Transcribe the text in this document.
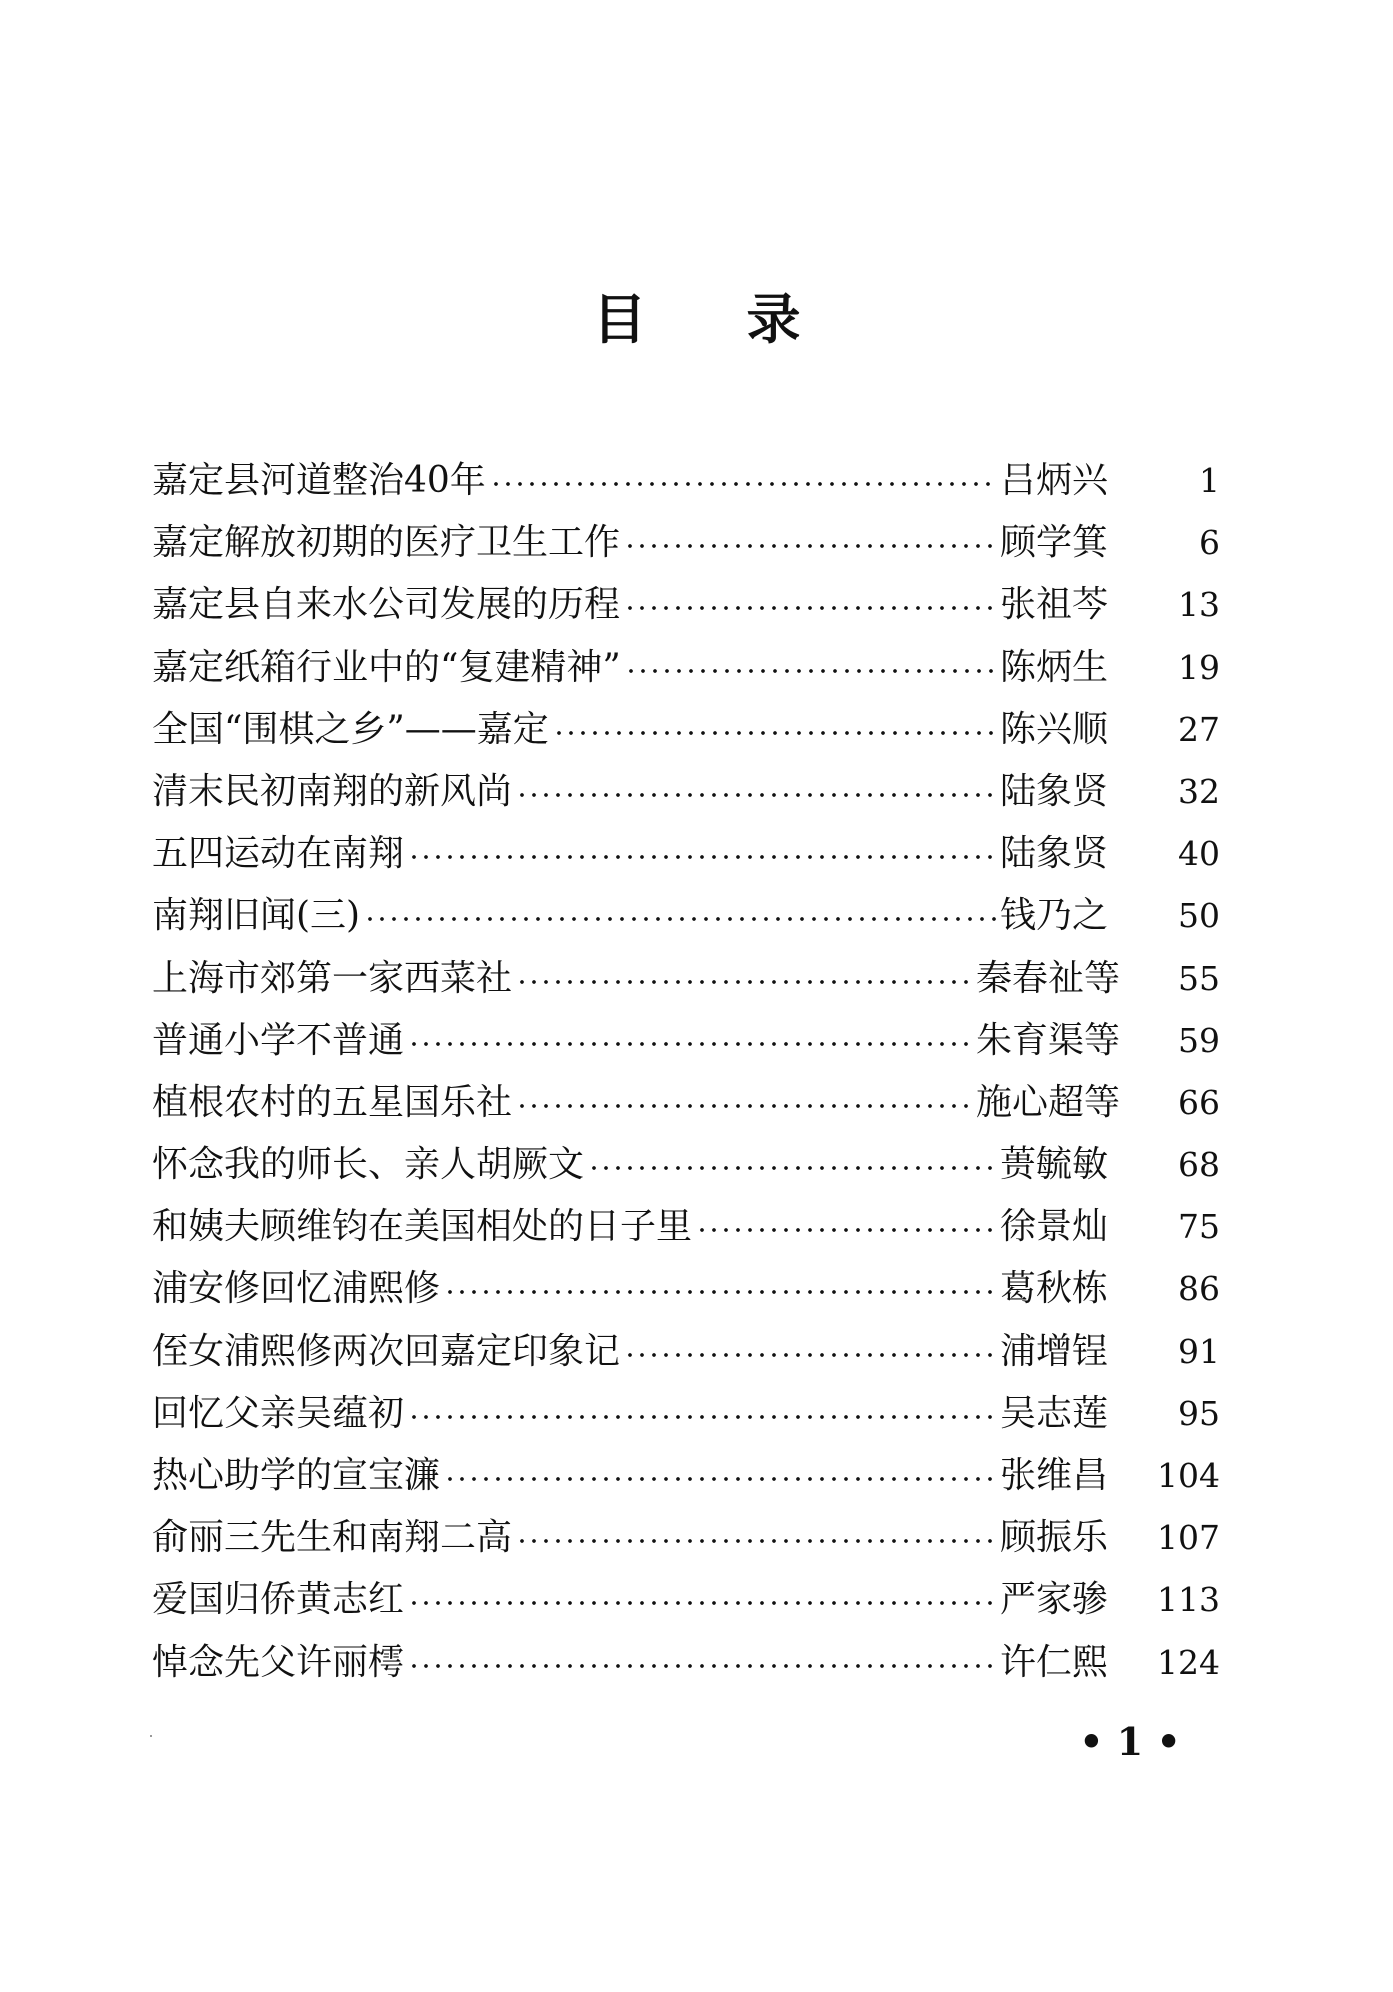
目 录
嘉定县河道整治40年	吕炳兴	1
嘉定解放初期的医疗卫生工作	顾学箕	6
嘉定县自来水公司发展的历程	张祖芩	13
嘉定纸箱行业中的“复建精神”	陈炳生	19
全国“围棋之乡”——嘉定	陈兴顺	27
清末民初南翔的新风尚	陆象贤	32
五四运动在南翔	陆象贤	40
南翔旧闻(三)	钱乃之	50
上海市郊第一家西菜社	秦春祉等	55
普通小学不普通	朱育渠等	59
植根农村的五星国乐社	施心超等	66
怀念我的师长、亲人胡厥文	蒉毓敏	68
和姨夫顾维钧在美国相处的日子里	徐景灿	75
浦安修回忆浦熙修	葛秋栋	86
侄女浦熙修两次回嘉定印象记	浦增锃	91
回忆父亲吴蕴初	吴志莲	95
热心助学的宣宝濂	张维昌	104
俞丽三先生和南翔二高	顾振乐	107
爱国归侨黄志红	严家骖	113
悼念先父许丽樗	许仁熙	124
• 1 •
